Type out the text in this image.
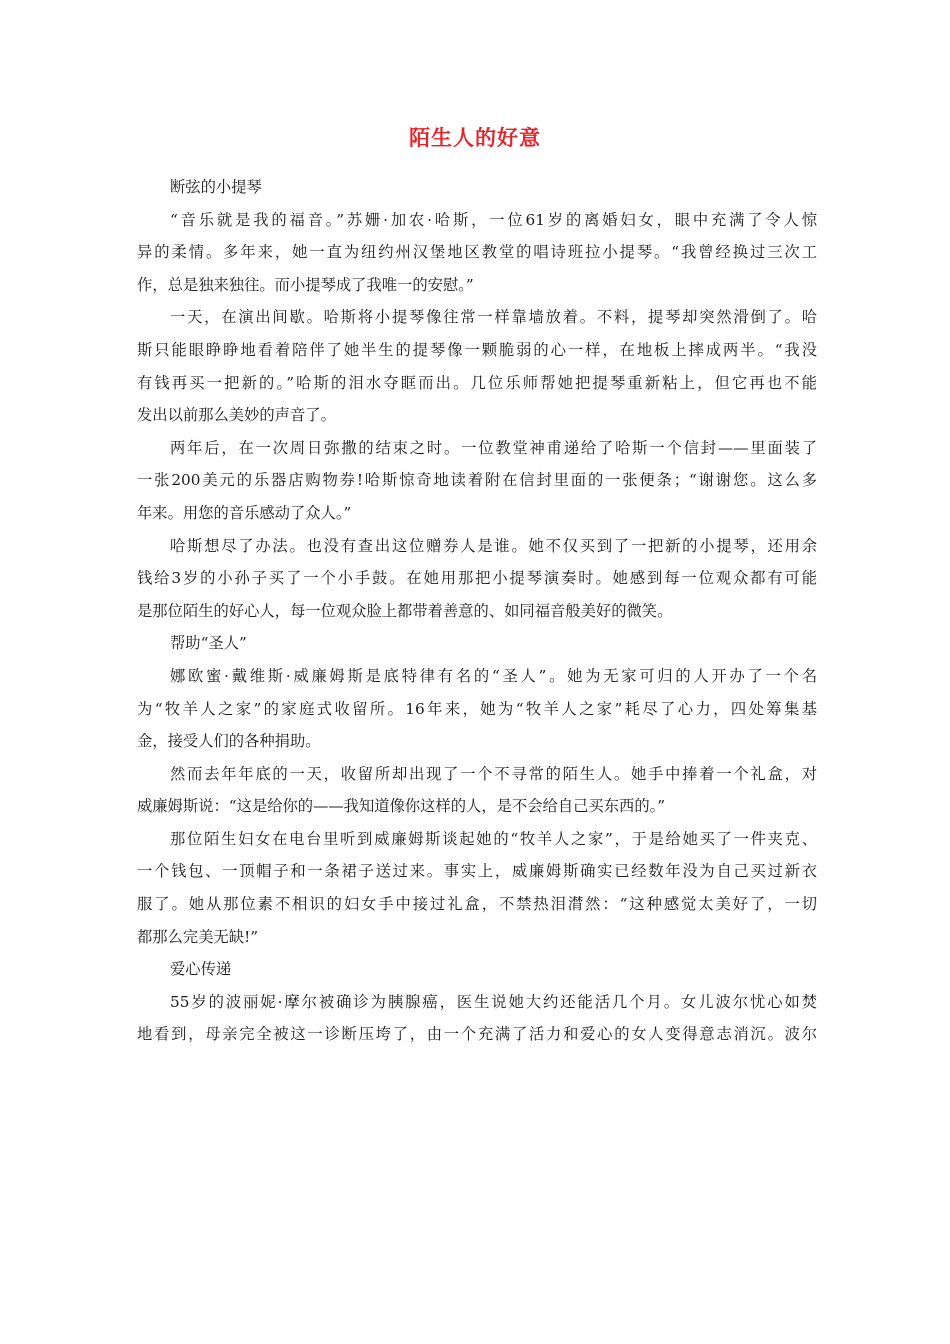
陌生人的好意
断弦的小提琴
“音乐就是我的福音。”苏姗·加农·哈斯，一位61岁的离婚妇女，眼中充满了令人惊
异的柔情。多年来，她一直为纽约州汉堡地区教堂的唱诗班拉小提琴。“我曾经换过三次工
作，总是独来独往。而小提琴成了我唯一的安慰。”
一天，在演出间歇。哈斯将小提琴像往常一样靠墙放着。不料，提琴却突然滑倒了。哈
斯只能眼睁睁地看着陪伴了她半生的提琴像一颗脆弱的心一样，在地板上摔成两半。“我没
有钱再买一把新的。”哈斯的泪水夺眶而出。几位乐师帮她把提琴重新粘上，但它再也不能
发出以前那么美妙的声音了。
两年后，在一次周日弥撒的结束之时。一位教堂神甫递给了哈斯一个信封——里面装了
一张200美元的乐器店购物券!哈斯惊奇地读着附在信封里面的一张便条；“谢谢您。这么多
年来。用您的音乐感动了众人。”
哈斯想尽了办法。也没有查出这位赠券人是谁。她不仅买到了一把新的小提琴，还用余
钱给3岁的小孙子买了一个小手鼓。在她用那把小提琴演奏时。她感到每一位观众都有可能
是那位陌生的好心人，每一位观众脸上都带着善意的、如同福音般美好的微笑。
帮助“圣人”
娜欧蜜·戴维斯·威廉姆斯是底特律有名的“圣人”。她为无家可归的人开办了一个名
为“牧羊人之家”的家庭式收留所。16年来，她为“牧羊人之家”耗尽了心力，四处筹集基
金，接受人们的各种捐助。
然而去年年底的一天，收留所却出现了一个不寻常的陌生人。她手中捧着一个礼盒，对
威廉姆斯说：“这是给你的——我知道像你这样的人，是不会给自己买东西的。”
那位陌生妇女在电台里听到威廉姆斯谈起她的“牧羊人之家”，于是给她买了一件夹克、
一个钱包、一顶帽子和一条裙子送过来。事实上，威廉姆斯确实已经数年没为自己买过新衣
服了。她从那位素不相识的妇女手中接过礼盒，不禁热泪潸然：“这种感觉太美好了，一切
都那么完美无缺!”
爱心传递
55岁的波丽妮·摩尔被确诊为胰腺癌，医生说她大约还能活几个月。女儿波尔忧心如焚
地看到，母亲完全被这一诊断压垮了，由一个充满了活力和爱心的女人变得意志消沉。波尔
